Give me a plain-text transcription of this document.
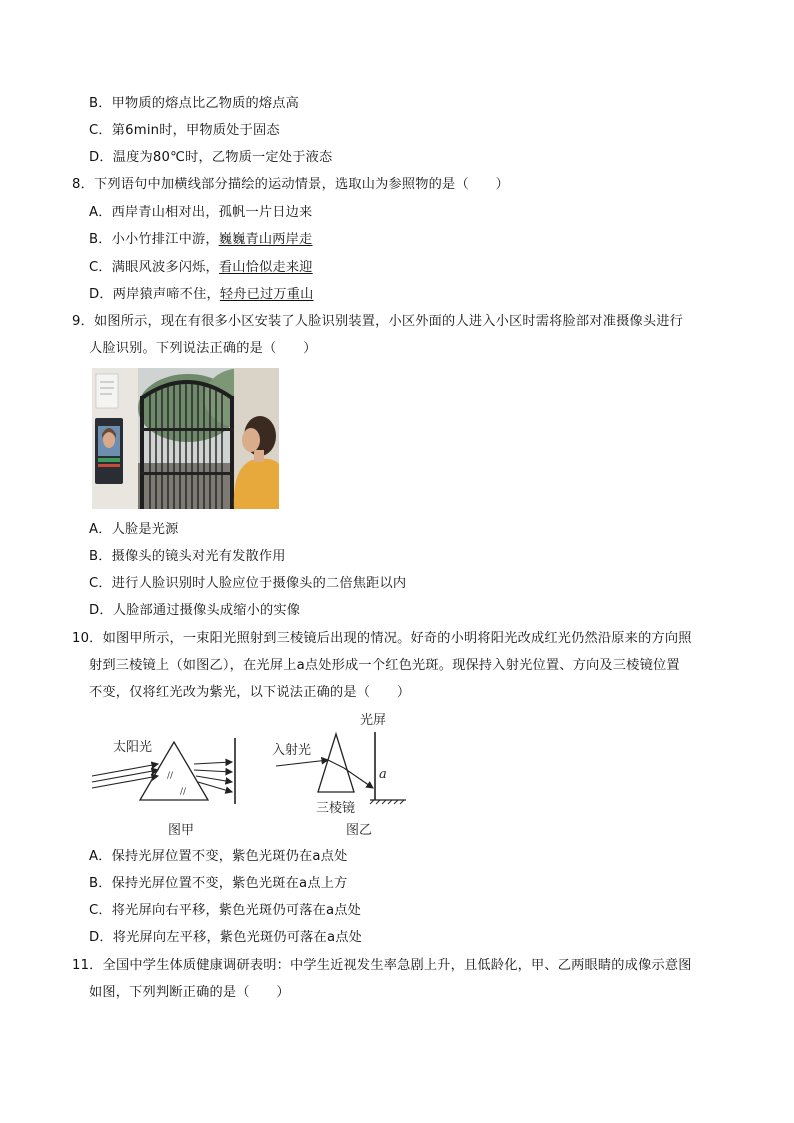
B．甲物质的熔点比乙物质的熔点高
C．第6min时，甲物质处于固态
D．温度为80℃时，乙物质一定处于液态
8．下列语句中加横线部分描绘的运动情景，选取山为参照物的是（　　）
A．西岸青山相对出，孤帆一片日边来
B．小小竹排江中游，巍巍青山两岸走
C．满眼风波多闪烁，看山恰似走来迎
D．两岸猿声啼不住，轻舟已过万重山
9．如图所示，现在有很多小区安装了人脸识别装置，小区外面的人进入小区时需将脸部对准摄像头进行
人脸识别。下列说法正确的是（　　）
A．人脸是光源
B．摄像头的镜头对光有发散作用
C．进行人脸识别时人脸应位于摄像头的二倍焦距以内
D．人脸部通过摄像头成缩小的实像
10．如图甲所示，一束阳光照射到三棱镜后出现的情况。好奇的小明将阳光改成红光仍然沿原来的方向照
射到三棱镜上（如图乙），在光屏上a点处形成一个红色光斑。现保持入射光位置、方向及三棱镜位置
不变，仅将红光改为紫光，以下说法正确的是（　　）
太阳光
//
//
图甲
光屏
入射光
a
三棱镜
图乙
A．保持光屏位置不变，紫色光斑仍在a点处
B．保持光屏位置不变，紫色光斑在a点上方
C．将光屏向右平移，紫色光斑仍可落在a点处
D．将光屏向左平移，紫色光斑仍可落在a点处
11．全国中学生体质健康调研表明：中学生近视发生率急剧上升，且低龄化，甲、乙两眼睛的成像示意图
如图，下列判断正确的是（　　）
